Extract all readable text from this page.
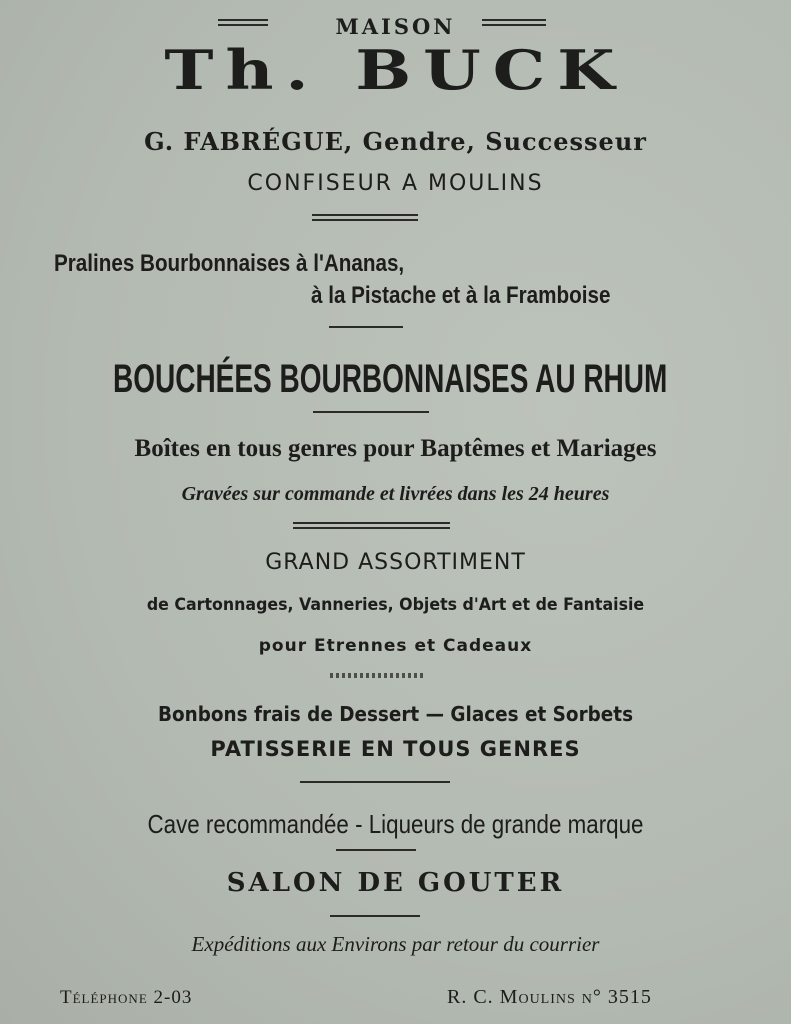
MAISON
Th. BUCK
G. FABRÉGUE, Gendre, Successeur
CONFISEUR A MOULINS
Pralines Bourbonnaises à l'Ananas,
à la Pistache et à la Framboise
BOUCHÉES BOURBONNAISES AU RHUM
Boîtes en tous genres pour Baptêmes et Mariages
Gravées sur commande et livrées dans les 24 heures
GRAND ASSORTIMENT
de Cartonnages, Vanneries, Objets d'Art et de Fantaisie
pour Etrennes et Cadeaux
Bonbons frais de Dessert — Glaces et Sorbets
PATISSERIE EN TOUS GENRES
Cave recommandée - Liqueurs de grande marque
SALON DE GOUTER
Expéditions aux Environs par retour du courrier
Téléphone 2-03	R. C. Moulins n° 3515
